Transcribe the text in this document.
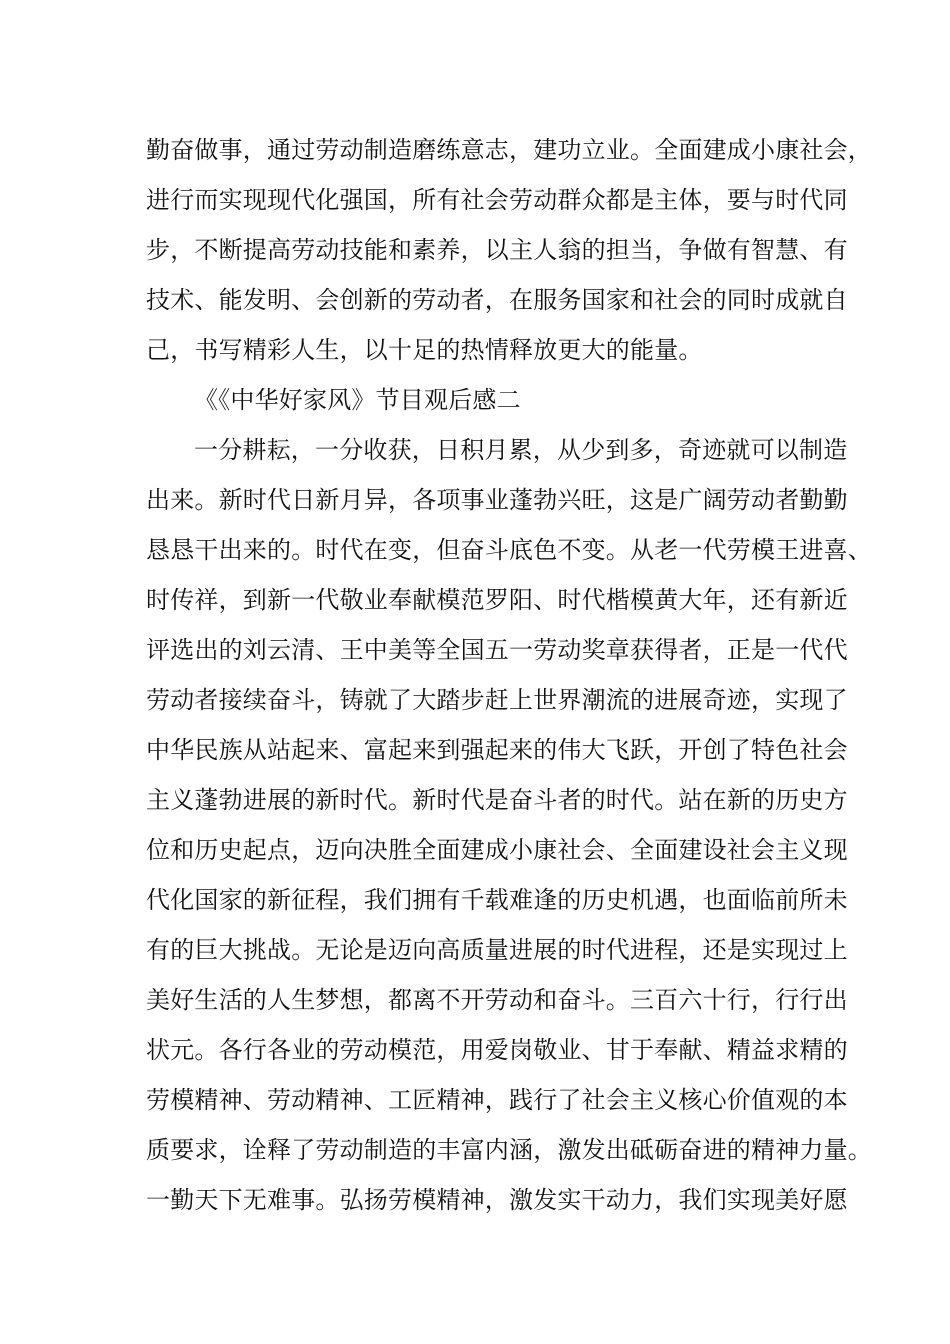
勤奋做事，通过劳动制造磨练意志，建功立业。全面建成小康社会，
进行而实现现代化强国，所有社会劳动群众都是主体，要与时代同
步，不断提高劳动技能和素养，以主人翁的担当，争做有智慧、有
技术、能发明、会创新的劳动者，在服务国家和社会的同时成就自
己，书写精彩人生，以十足的热情释放更大的能量。
《《中华好家风》节目观后感二
一分耕耘，一分收获，日积月累，从少到多，奇迹就可以制造
出来。新时代日新月异，各项事业蓬勃兴旺，这是广阔劳动者勤勤
恳恳干出来的。时代在变，但奋斗底色不变。从老一代劳模王进喜、
时传祥，到新一代敬业奉献模范罗阳、时代楷模黄大年，还有新近
评选出的刘云清、王中美等全国五一劳动奖章获得者，正是一代代
劳动者接续奋斗，铸就了大踏步赶上世界潮流的进展奇迹，实现了
中华民族从站起来、富起来到强起来的伟大飞跃，开创了特色社会
主义蓬勃进展的新时代。新时代是奋斗者的时代。站在新的历史方
位和历史起点，迈向决胜全面建成小康社会、全面建设社会主义现
代化国家的新征程，我们拥有千载难逢的历史机遇，也面临前所未
有的巨大挑战。无论是迈向高质量进展的时代进程，还是实现过上
美好生活的人生梦想，都离不开劳动和奋斗。三百六十行，行行出
状元。各行各业的劳动模范，用爱岗敬业、甘于奉献、精益求精的
劳模精神、劳动精神、工匠精神，践行了社会主义核心价值观的本
质要求，诠释了劳动制造的丰富内涵，激发出砥砺奋进的精神力量。
一勤天下无难事。弘扬劳模精神，激发实干动力，我们实现美好愿
